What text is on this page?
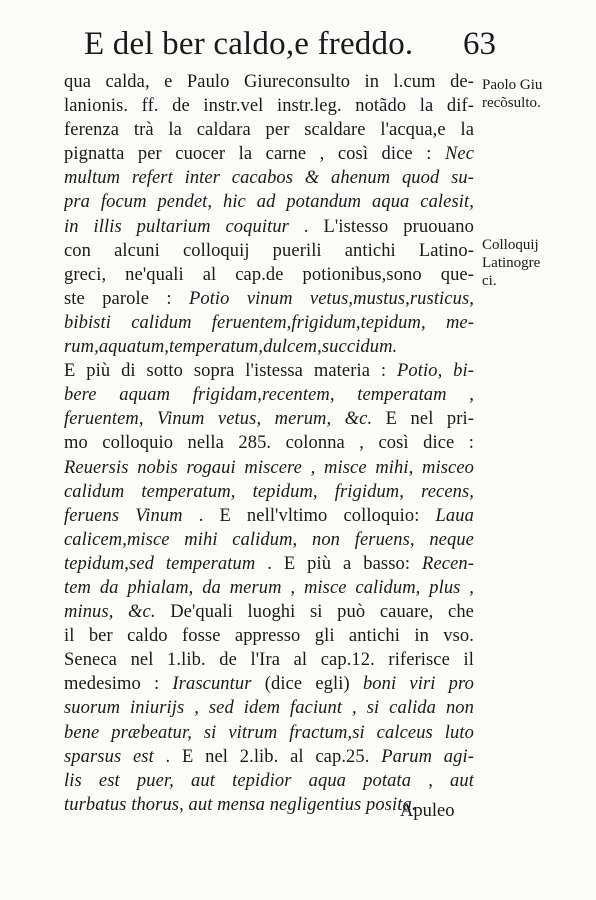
E del ber caldo,e freddo. 63
qua calda, e Paulo Giureconsulto in l.cum de-
lanionis. ff. de instr.vel instr.leg. notãdo la dif-
ferenza trà la caldara per scaldare l'acqua,e la
pignatta per cuocer la carne , così dice : Nec
multum refert inter cacabos & ahenum quod su-
pra focum pendet, hic ad potandum aqua calesit,
in illis pultarium coquitur . L'istesso pruouano
con alcuni colloquij puerili antichi Latino-
greci, ne'quali al cap.de potionibus,sono que-
ste parole : Potio vinum vetus,mustus,rusticus,
bibisti calidum feruentem,frigidum,tepidum, me-
rum,aquatum,temperatum,dulcem,succidum.
E più di sotto sopra l'istessa materia : Potio, bi-
bere aquam frigidam,recentem, temperatam ,
feruentem, Vinum vetus, merum, &c. E nel pri-
mo colloquio nella 285. colonna , così dice :
Reuersis nobis rogaui miscere , misce mihi, misceo
calidum temperatum, tepidum, frigidum, recens,
feruens Vinum . E nell'vltimo colloquio: Laua
calicem,misce mihi calidum, non feruens, neque
tepidum,sed temperatum . E più a basso: Recen-
tem da phialam, da merum , misce calidum, plus ,
minus, &c. De'quali luoghi si può cauare, che
il ber caldo fosse appresso gli antichi in vso.
Seneca nel 1.lib. de l'Ira al cap.12. riferisce il
medesimo : Irascuntur (dice egli) boni viri pro
suorum iniurijs , sed idem faciunt , si calida non
bene præbeatur, si vitrum fractum,si calceus luto
sparsus est . E nel 2.lib. al cap.25. Parum agi-
lis est puer, aut tepidior aqua potata , aut
turbatus thorus, aut mensa negligentius posita.
Paolo Giu
recõsulto.
Colloquij
Latinogre
ci.
Apuleo
